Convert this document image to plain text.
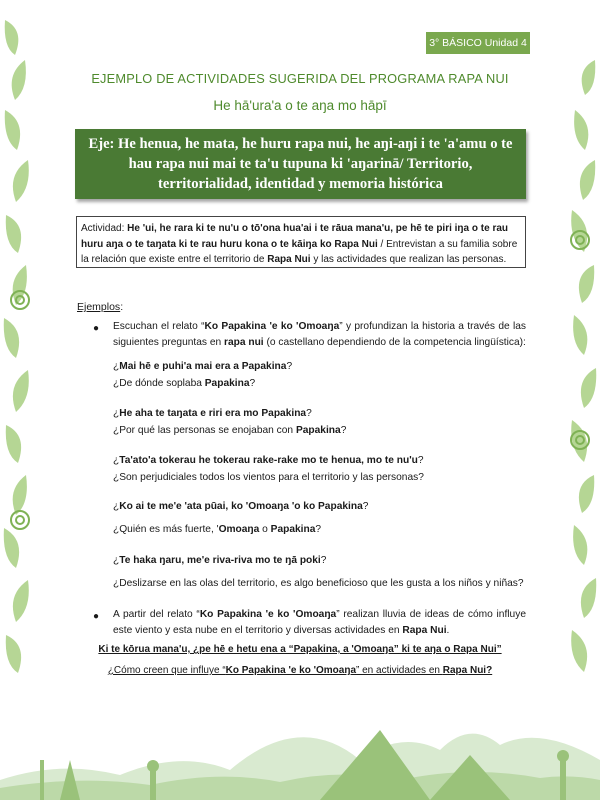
3° BÁSICO Unidad 4
EJEMPLO DE ACTIVIDADES SUGERIDA DEL PROGRAMA RAPA NUI
He hā'ura'a o te aŋa mo hāpī
Eje: He henua, he mata, he huru rapa nui, he aŋi-aŋi i te 'a'amu o te hau rapa nui mai te ta'u tupuna ki 'aŋarinā/ Territorio, territorialidad, identidad y memoria histórica
Actividad: He 'ui, he rara ki te nu'u o tō'ona hua'ai i te rāua mana'u, pe hē te piri iŋa o te rau huru aŋa o te taŋata ki te rau huru kona o te kāiŋa ko Rapa Nui / Entrevistan a su familia sobre la relación que existe entre el territorio de Rapa Nui y las actividades que realizan las personas.
Ejemplos:
● Escuchan el relato “Ko Papakina 'e ko 'Omoaŋa” y profundizan la historia a través de las siguientes preguntas en rapa nui (o castellano dependiendo de la competencia lingüística):
¿Mai hē e puhi'a mai era a Papakina?
¿De dónde soplaba Papakina?
¿He aha te taŋata e riri era mo Papakina?
¿Por qué las personas se enojaban con Papakina?
¿Ta'ato'a tokerau he tokerau rake-rake mo te henua, mo te nu'u?
¿Son perjudiciales todos los vientos para el territorio y las personas?
¿Ko ai te me'e 'ata pūai, ko 'Omoaŋa 'o ko Papakina?
¿Quién es más fuerte, 'Omoaŋa o Papakina?
¿Te haka ŋaru, me'e riva-riva mo te ŋā poki?
¿Deslizarse en las olas del territorio, es algo beneficioso que les gusta a los niños y niñas?
● A partir del relato “Ko Papakina 'e ko 'Omoaŋa” realizan lluvia de ideas de cómo influye este viento y esta nube en el territorio y diversas actividades en Rapa Nui.
Ki te kōrua mana'u, ¿pe hē e hetu ena a “Papakina, a 'Omoaŋa” ki te aŋa o Rapa Nui”
¿Cómo creen que influye “Ko Papakina 'e ko 'Omoaŋa” en actividades en Rapa Nui?
